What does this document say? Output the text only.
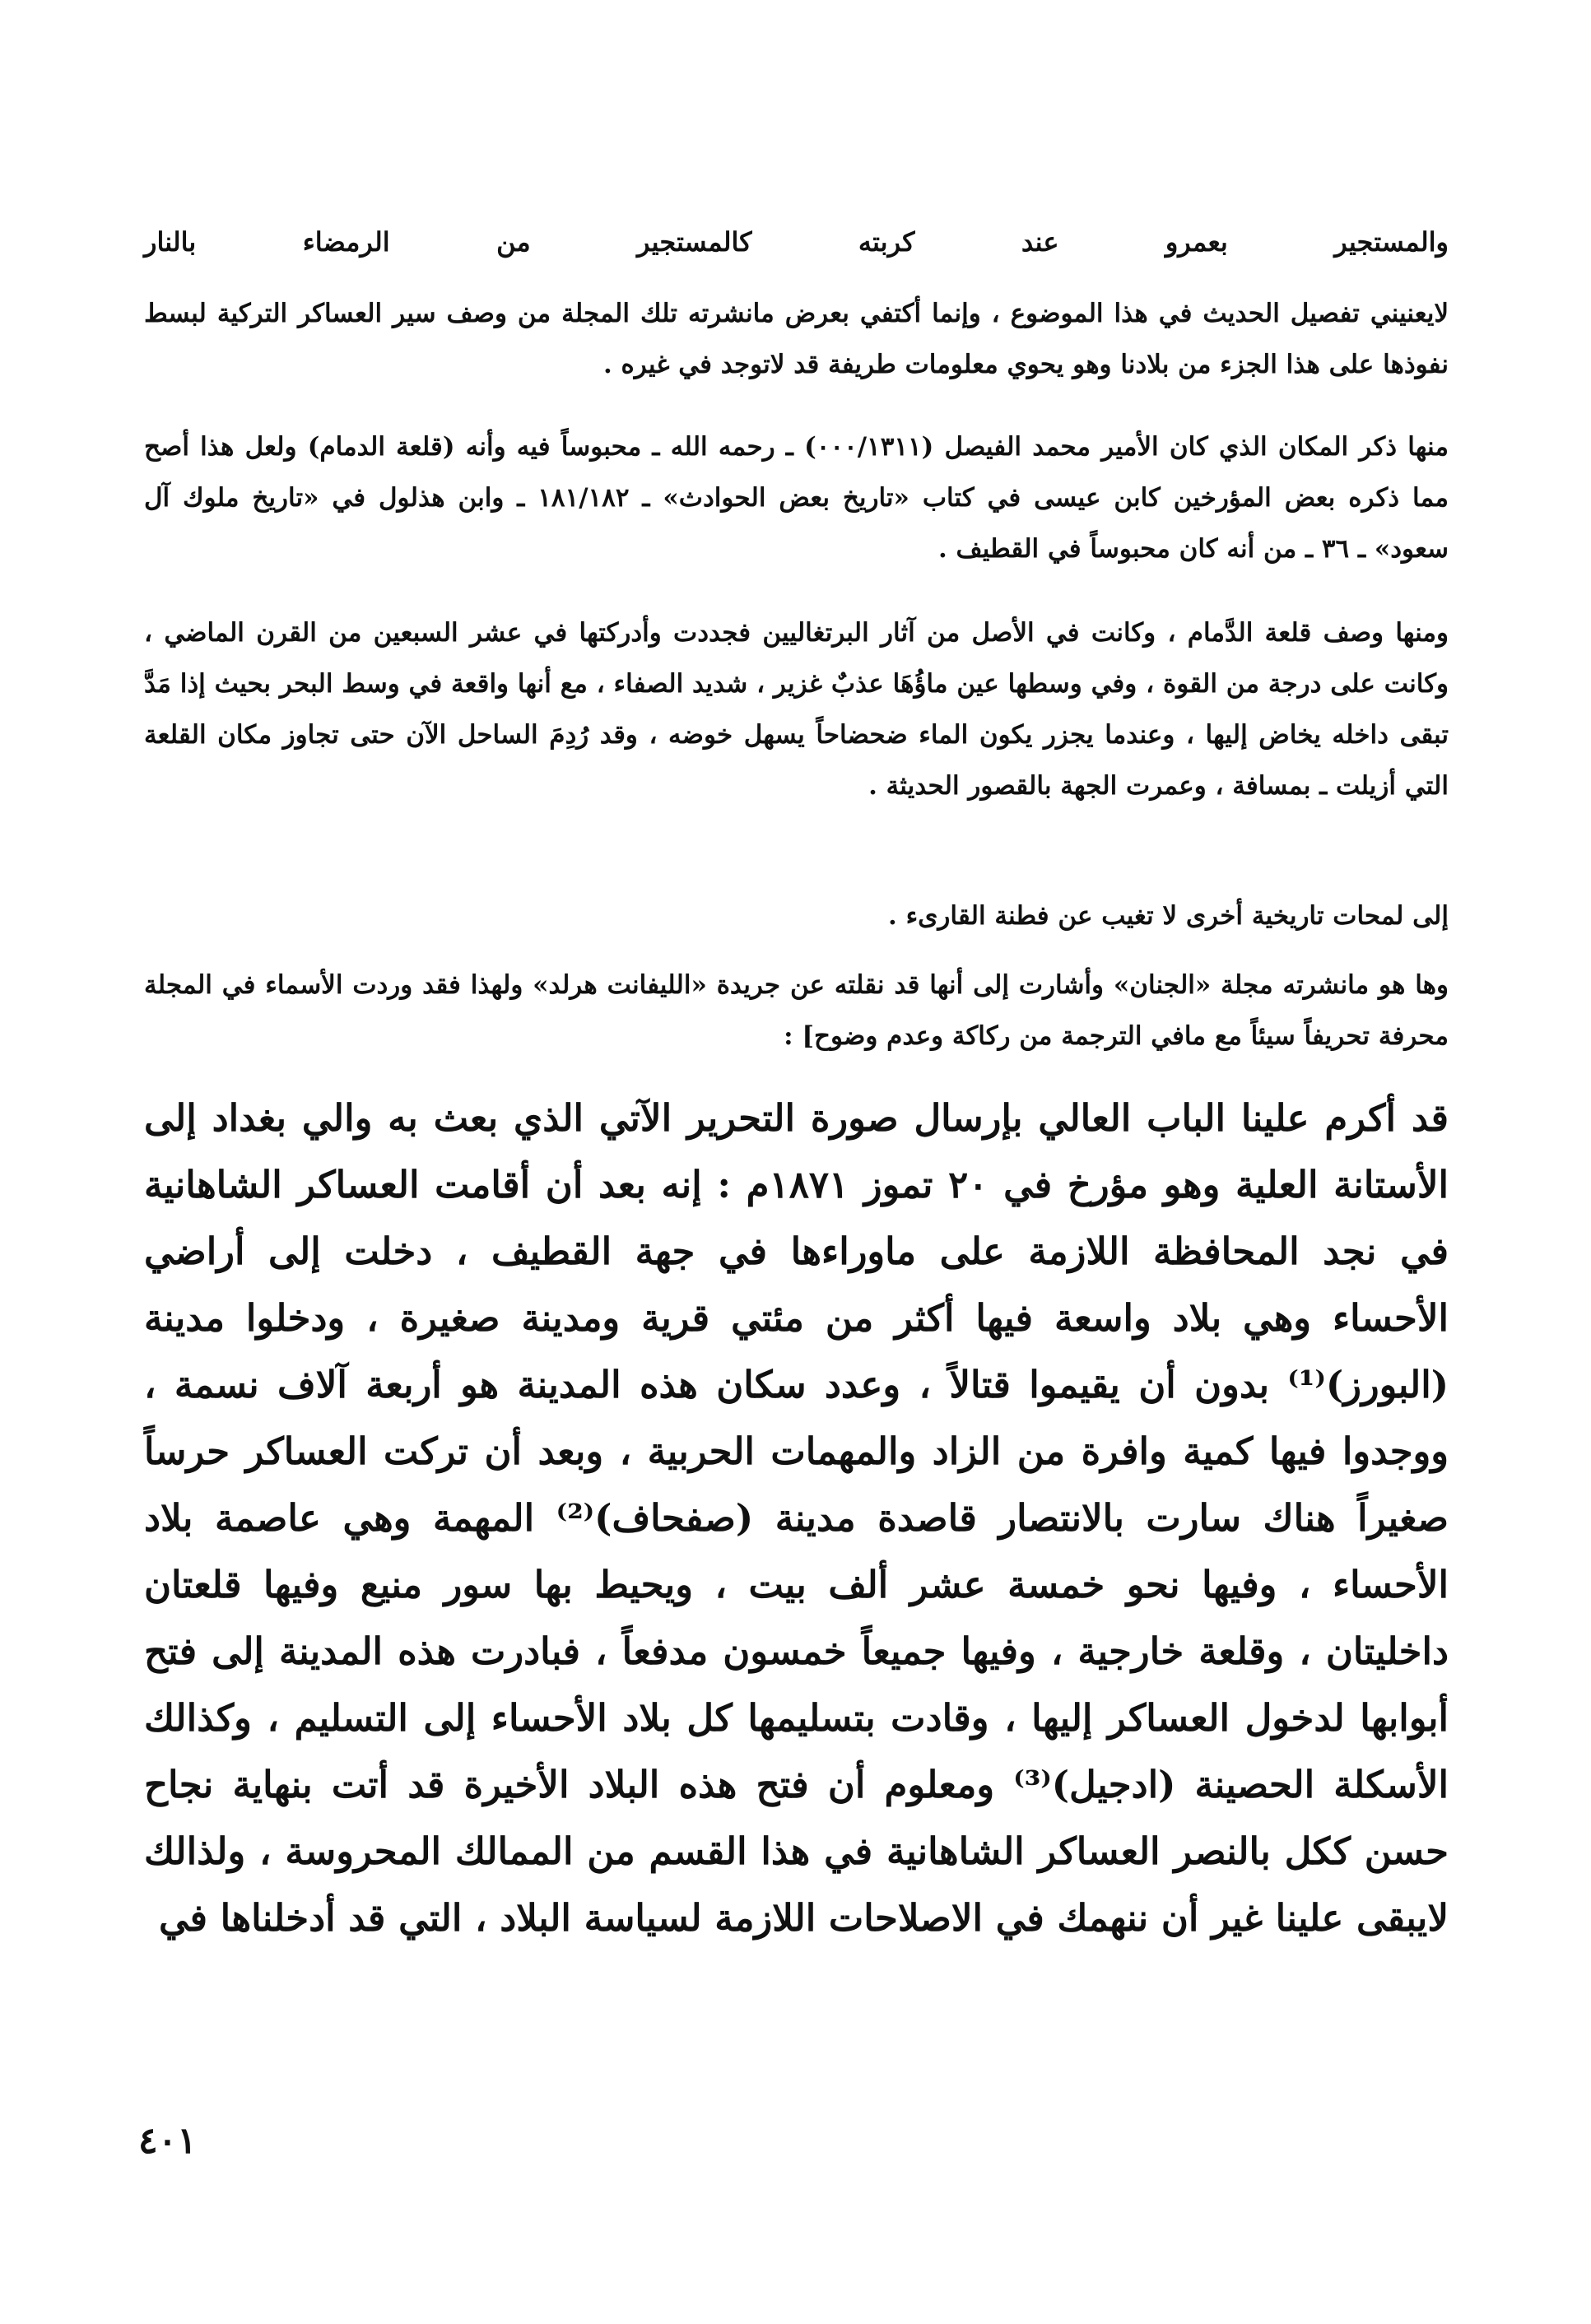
والمستجير بعمرو عند كربته كالمستجير من الرمضاء بالنار

لايعنيني تفصيل الحديث في هذا الموضوع ، وإنما أكتفي بعرض مانشرته تلك المجلة من وصف سير العساكر التركية لبسط نفوذها على هذا الجزء من بلادنا وهو يحوي معلومات طريفة قد لاتوجد في غيره .

منها ذكر المكان الذي كان الأمير محمد الفيصل (٠٠٠/١٣١١) ـ رحمه الله ـ محبوساً فيه وأنه (قلعة الدمام) ولعل هذا أصح مما ذكره بعض المؤرخين كابن عيسى في كتاب «تاريخ بعض الحوادث» ـ ١٨١/١٨٢ ـ وابن هذلول في «تاريخ ملوك آل سعود» ـ ٣٦ ـ من أنه كان محبوساً في القطيف .

ومنها وصف قلعة الدَّمام ، وكانت في الأصل من آثار البرتغاليين فجددت وأدركتها في عشر السبعين من القرن الماضي ، وكانت على درجة من القوة ، وفي وسطها عين ماؤُهَا عذبٌ غزير ، شديد الصفاء ، مع أنها واقعة في وسط البحر بحيث إذا مَدَّ تبقى داخله يخاض إليها ، وعندما يجزر يكون الماء ضحضاحاً يسهل خوضه ، وقد رُدِمَ الساحل الآن حتى تجاوز مكان القلعة التي أزيلت ـ بمسافة ، وعمرت الجهة بالقصور الحديثة .

إلى لمحات تاريخية أخرى لا تغيب عن فطنة القارىء .

وها هو مانشرته مجلة «الجنان» وأشارت إلى أنها قد نقلته عن جريدة «الليفانت هرلد» ولهذا فقد وردت الأسماء في المجلة محرفة تحريفاً سيئاً مع مافي الترجمة من ركاكة وعدم وضوح] :

قد أكرم علينا الباب العالي بإرسال صورة التحرير الآتي الذي بعث به والي بغداد إلى الأستانة العلية وهو مؤرخ في ٢٠ تموز ١٨٧١م : إنه بعد أن أقامت العساكر الشاهانية في نجد المحافظة اللازمة على ماوراءها في جهة القطيف ، دخلت إلى أراضي الأحساء وهي بلاد واسعة فيها أكثر من مئتي قرية ومدينة صغيرة ، ودخلوا مدينة (البورز)⁽¹⁾ بدون أن يقيموا قتالاً ، وعدد سكان هذه المدينة هو أربعة آلاف نسمة ، ووجدوا فيها كمية وافرة من الزاد والمهمات الحربية ، وبعد أن تركت العساكر حرساً صغيراً هناك سارت بالانتصار قاصدة مدينة (صفحاف)⁽²⁾ المهمة وهي عاصمة بلاد الأحساء ، وفيها نحو خمسة عشر ألف بيت ، ويحيط بها سور منيع وفيها قلعتان داخليتان ، وقلعة خارجية ، وفيها جميعاً خمسون مدفعاً ، فبادرت هذه المدينة إلى فتح أبوابها لدخول العساكر إليها ، وقادت بتسليمها كل بلاد الأحساء إلى التسليم ، وكذالك الأسكلة الحصينة (ادجيل)⁽³⁾ ومعلوم أن فتح هذه البلاد الأخيرة قد أتت بنهاية نجاح حسن ككل بالنصر العساكر الشاهانية في هذا القسم من الممالك المحروسة ، ولذالك لايبقى علينا غير أن ننهمك في الاصلاحات اللازمة لسياسة البلاد ، التي قد أدخلناها في

٤٠١
